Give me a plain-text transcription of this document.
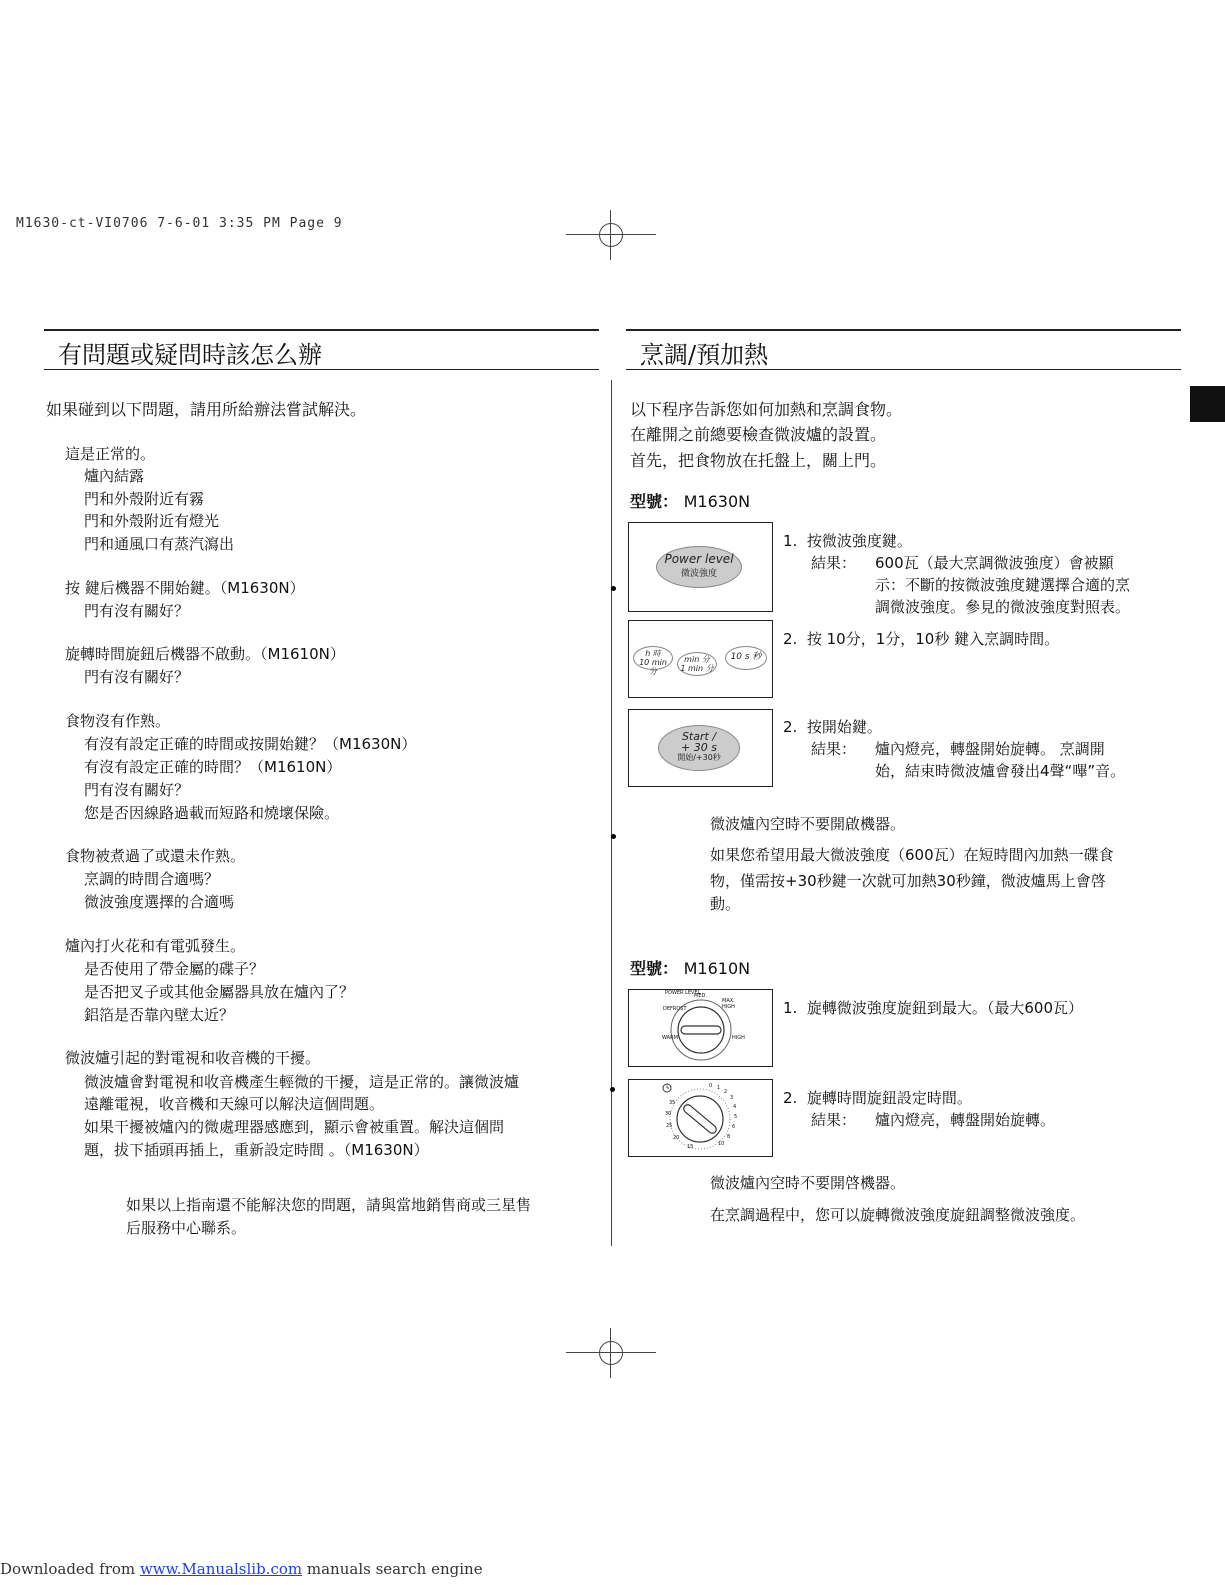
M1630-ct-VI0706 7-6-01 3:35 PM Page 9
有問題或疑問時該怎么辦	烹調/預加熱
如果碰到以下問題，請用所給辦法嘗試解決。
這是正常的。
爐內結露
門和外殼附近有霧
門和外殼附近有燈光
門和通風口有蒸汽瀉出
按 鍵后機器不開始鍵。（M1630N）
門有沒有關好？
旋轉時間旋鈕后機器不啟動。（M1610N）
門有沒有關好？
食物沒有作熟。
有沒有設定正確的時間或按開始鍵？（M1630N）
有沒有設定正確的時間？（M1610N）
門有沒有關好？
您是否因線路過載而短路和燒壞保險。
食物被煮過了或還未作熟。
烹調的時間合適嗎？
微波強度選擇的合適嗎
爐內打火花和有電弧發生。
是否使用了帶金屬的碟子？
是否把叉子或其他金屬器具放在爐內了？
鋁箔是否靠內壁太近？
微波爐引起的對電視和收音機的干擾。
微波爐會對電視和收音機產生輕微的干擾，這是正常的。讓微波爐
遠離電視，收音機和天線可以解決這個問題。
如果干擾被爐內的微處理器感應到，顯示會被重置。解決這個問
題，拔下插頭再插上，重新設定時間 。（M1630N）
如果以上指南還不能解決您的問題，請與當地銷售商或三星售
后服務中心聯系。
以下程序告訴您如何加熱和烹調食物。
在離開之前總要檢查微波爐的設置。
首先，把食物放在托盤上，關上門。
型號： M1630N
Power level
微波強度
1. 按微波強度鍵。
結果： 600瓦（最大烹調微波強度）會被顯
示：不斷的按微波強度鍵選擇合適的烹
調微波強度。參見的微波強度對照表。
h 時
10 min 分
min 分
1 min 分
10 s 秒
2. 按 10分，1分，10秒 鍵入烹調時間。
Start /
+ 30 s
開始/+30秒
2. 按開始鍵。
結果： 爐內燈亮，轉盤開始旋轉。 烹調開
始，結束時微波爐會發出4聲“嗶”音。
微波爐內空時不要開啟機器。
如果您希望用最大微波強度（600瓦）在短時間內加熱一碟食
物，僅需按+30秒鍵一次就可加熱30秒鐘，微波爐馬上會啓
動。
型號： M1610N
POWER LEVEL
MED.
MAX. HIGH
DEFROST
WARM	HIGH
1. 旋轉微波強度旋鈕到最大。（最大600瓦）
0 1
2
3
4
5
6
8
10
15
20
25
30
35	2. 旋轉時間旋鈕設定時間。
結果： 爐內燈亮，轉盤開始旋轉。
微波爐內空時不要開啓機器。
在烹調過程中，您可以旋轉微波強度旋鈕調整微波強度。
Downloaded from www.Manualslib.com manuals search engine
